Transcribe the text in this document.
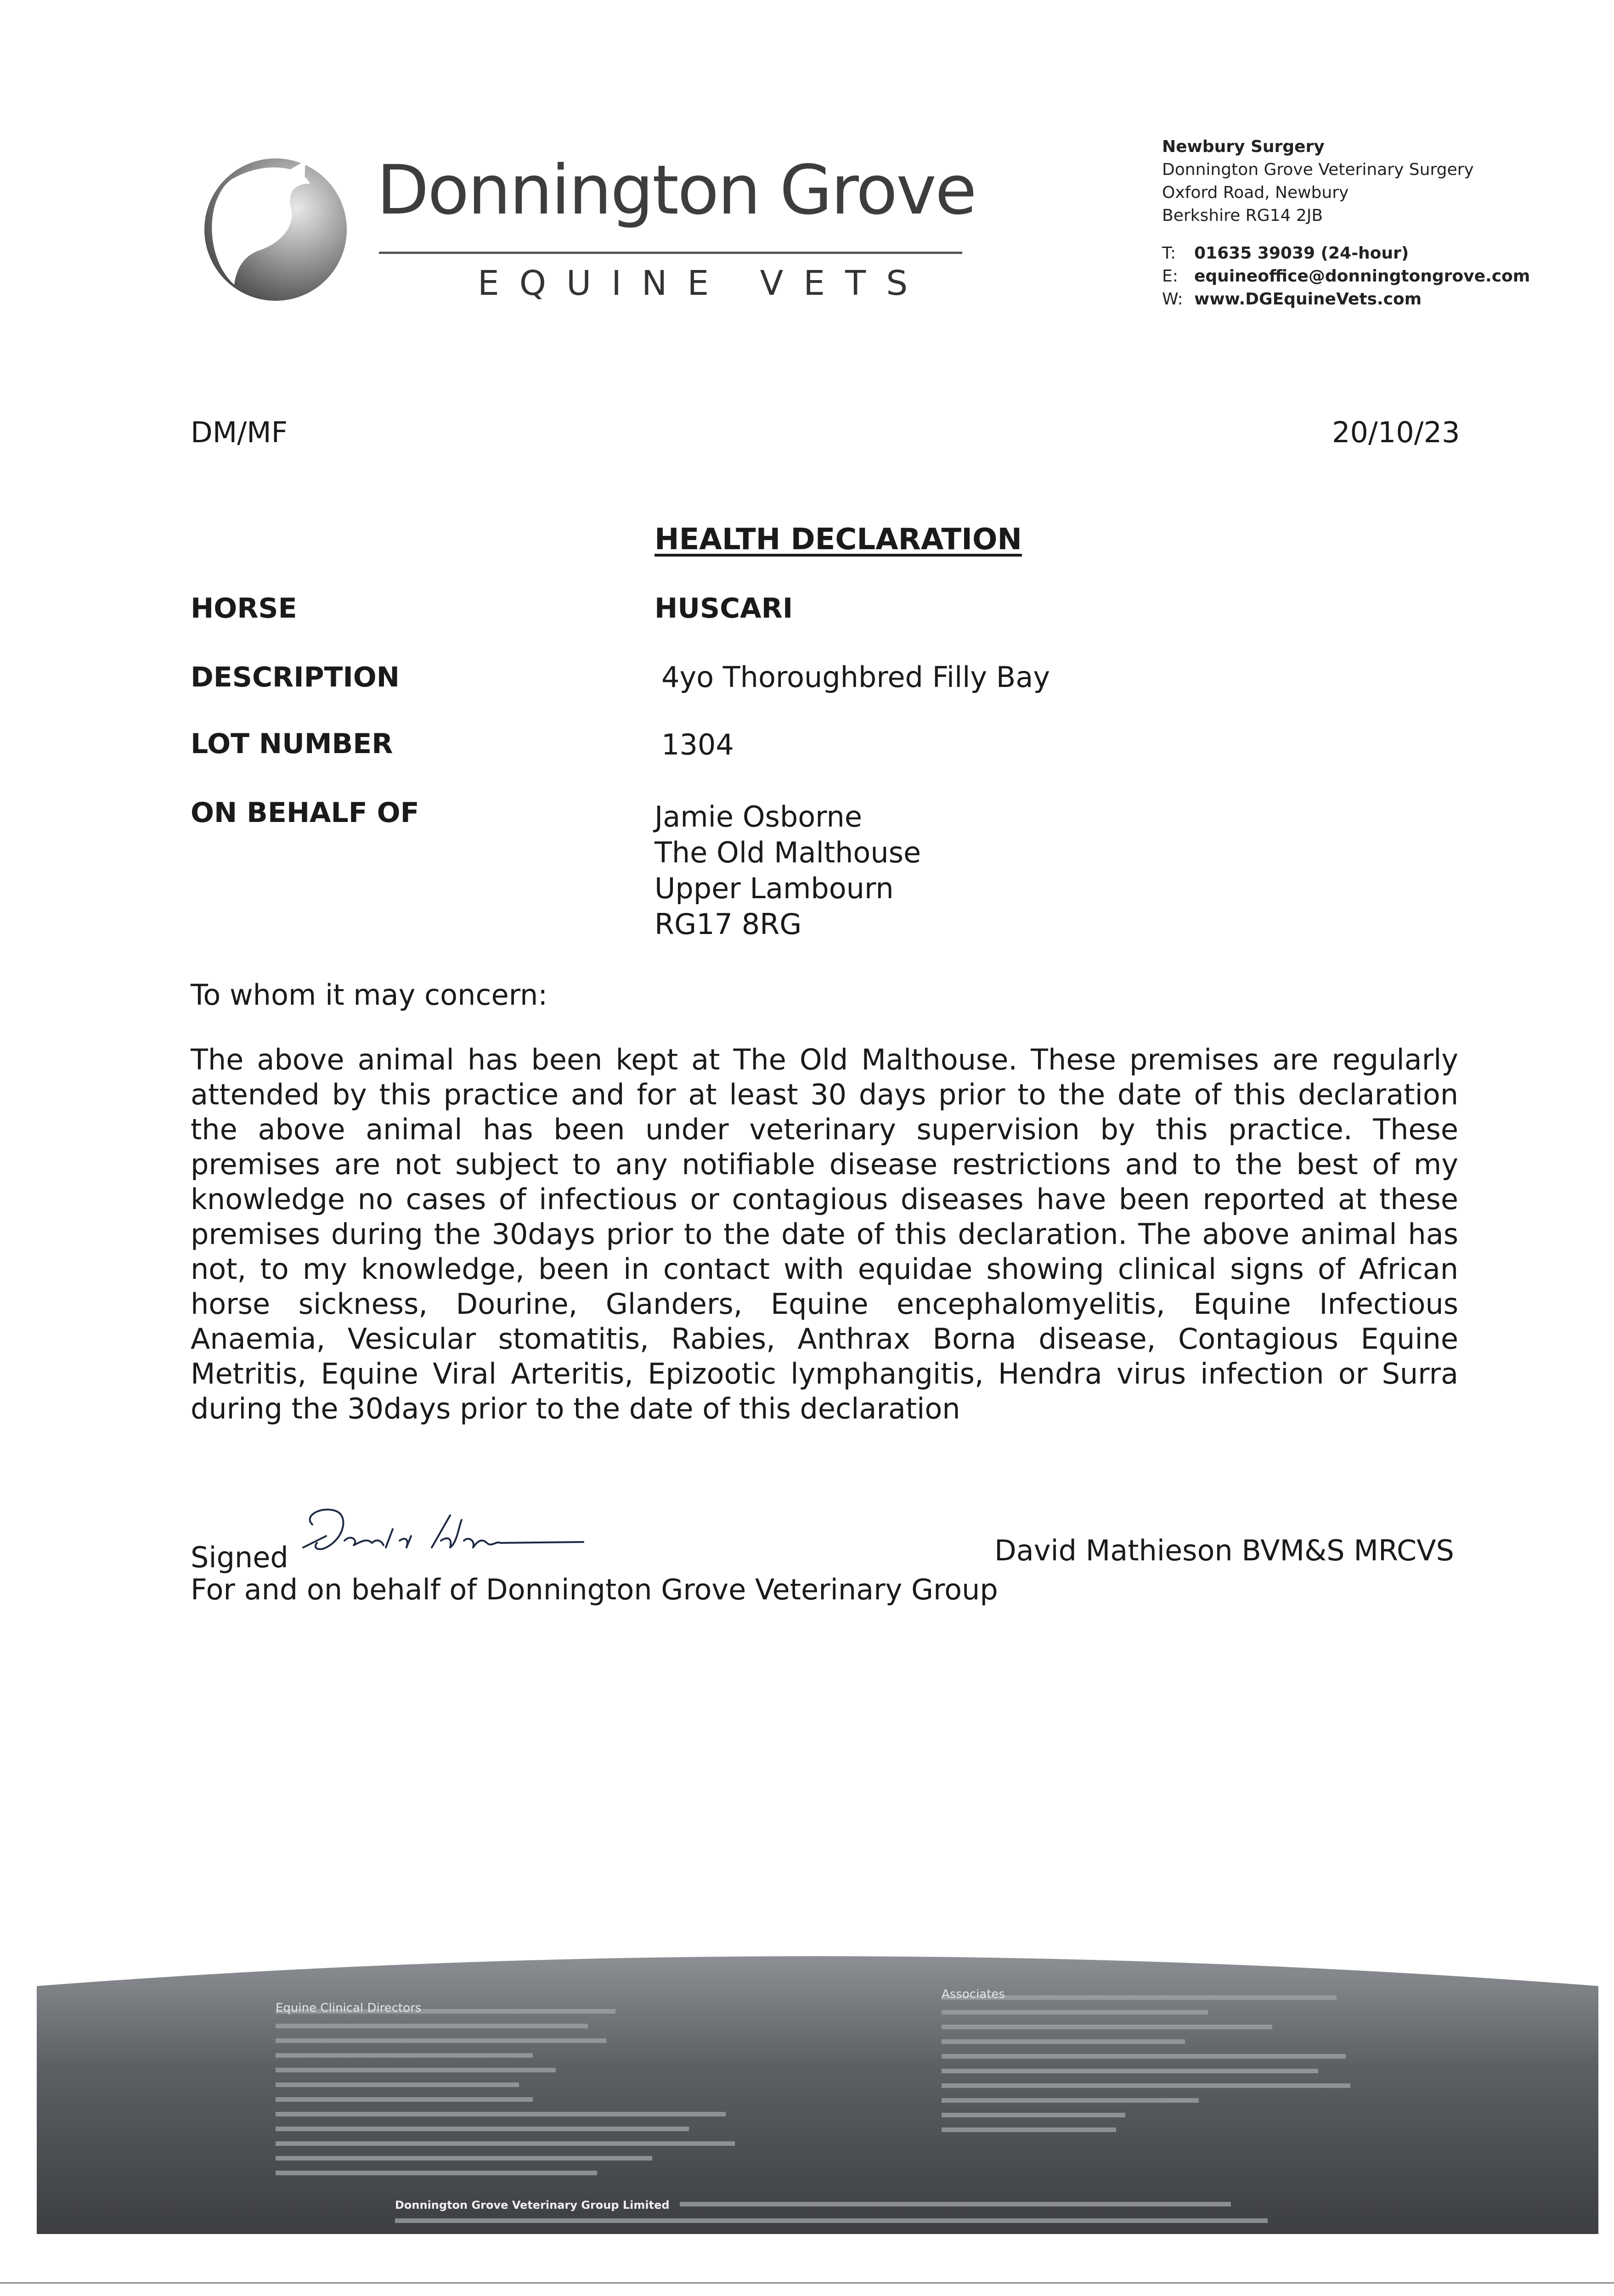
Donnington Grove
EQUINE VETS
Newbury Surgery
Donnington Grove Veterinary Surgery
Oxford Road, Newbury
Berkshire RG14 2JB
T: 01635 39039 (24-hour)
E: equineoffice@donningtongrove.com
W: www.DGEquineVets.com
DM/MF	20/10/23
HEALTH DECLARATION
HORSE	HUSCARI
DESCRIPTION	4yo Thoroughbred Filly Bay
LOT NUMBER	1304
ON BEHALF OF	Jamie Osborne
The Old Malthouse
Upper Lambourn
RG17 8RG
To whom it may concern:
The above animal has been kept at The Old Malthouse. These premises are regularly attended by this practice and for at least 30 days prior to the date of this declaration the above animal has been under veterinary supervision by this practice. These premises are not subject to any notifiable disease restrictions and to the best of my knowledge no cases of infectious or contagious diseases have been reported at these premises during the 30days prior to the date of this declaration. The above animal has not, to my knowledge, been in contact with equidae showing clinical signs of African horse sickness, Dourine, Glanders, Equine encephalomyelitis, Equine Infectious Anaemia, Vesicular stomatitis, Rabies, Anthrax Borna disease, Contagious Equine Metritis, Equine Viral Arteritis, Epizootic lymphangitis, Hendra virus infection or Surra during the 30days prior to the date of this declaration
Signed	David Mathieson BVM&S MRCVS
For and on behalf of Donnington Grove Veterinary Group
Equine Clinical Directors
Associates
Donnington Grove Veterinary Group Limited
